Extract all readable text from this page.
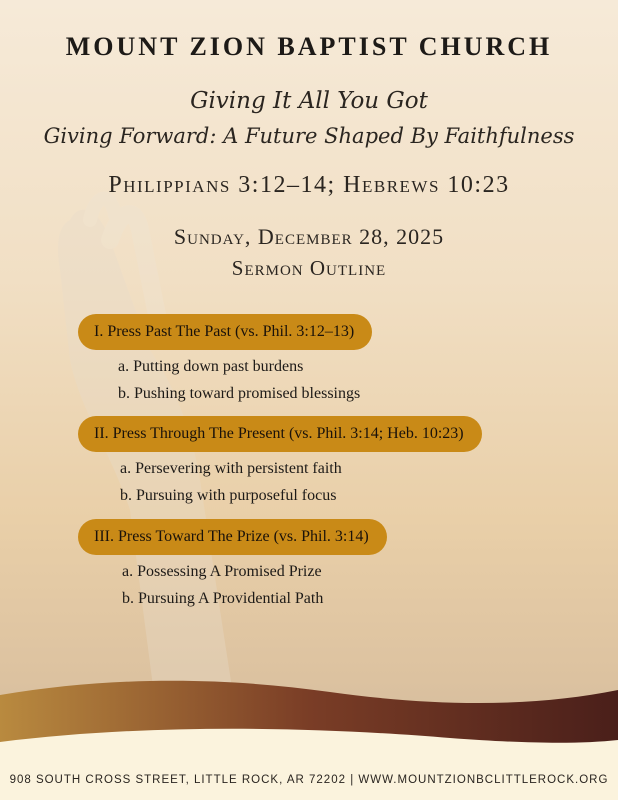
MOUNT ZION BAPTIST CHURCH
Giving It All You Got
Giving Forward: A Future Shaped By Faithfulness
Philippians 3:12–14; Hebrews 10:23
Sunday, December 28, 2025
Sermon Outline
I. Press Past The Past (vs. Phil. 3:12–13)
a. Putting down past burdens
b. Pushing toward promised blessings
II. Press Through The Present (vs. Phil. 3:14; Heb. 10:23)
a. Persevering with persistent faith
b. Pursuing with purposeful focus
III. Press Toward The Prize (vs. Phil. 3:14)
a. Possessing A Promised Prize
b. Pursuing A Providential Path
908 SOUTH CROSS STREET, LITTLE ROCK, AR 72202 | WWW.MOUNTZIONBCLITTLEROCK.ORG
